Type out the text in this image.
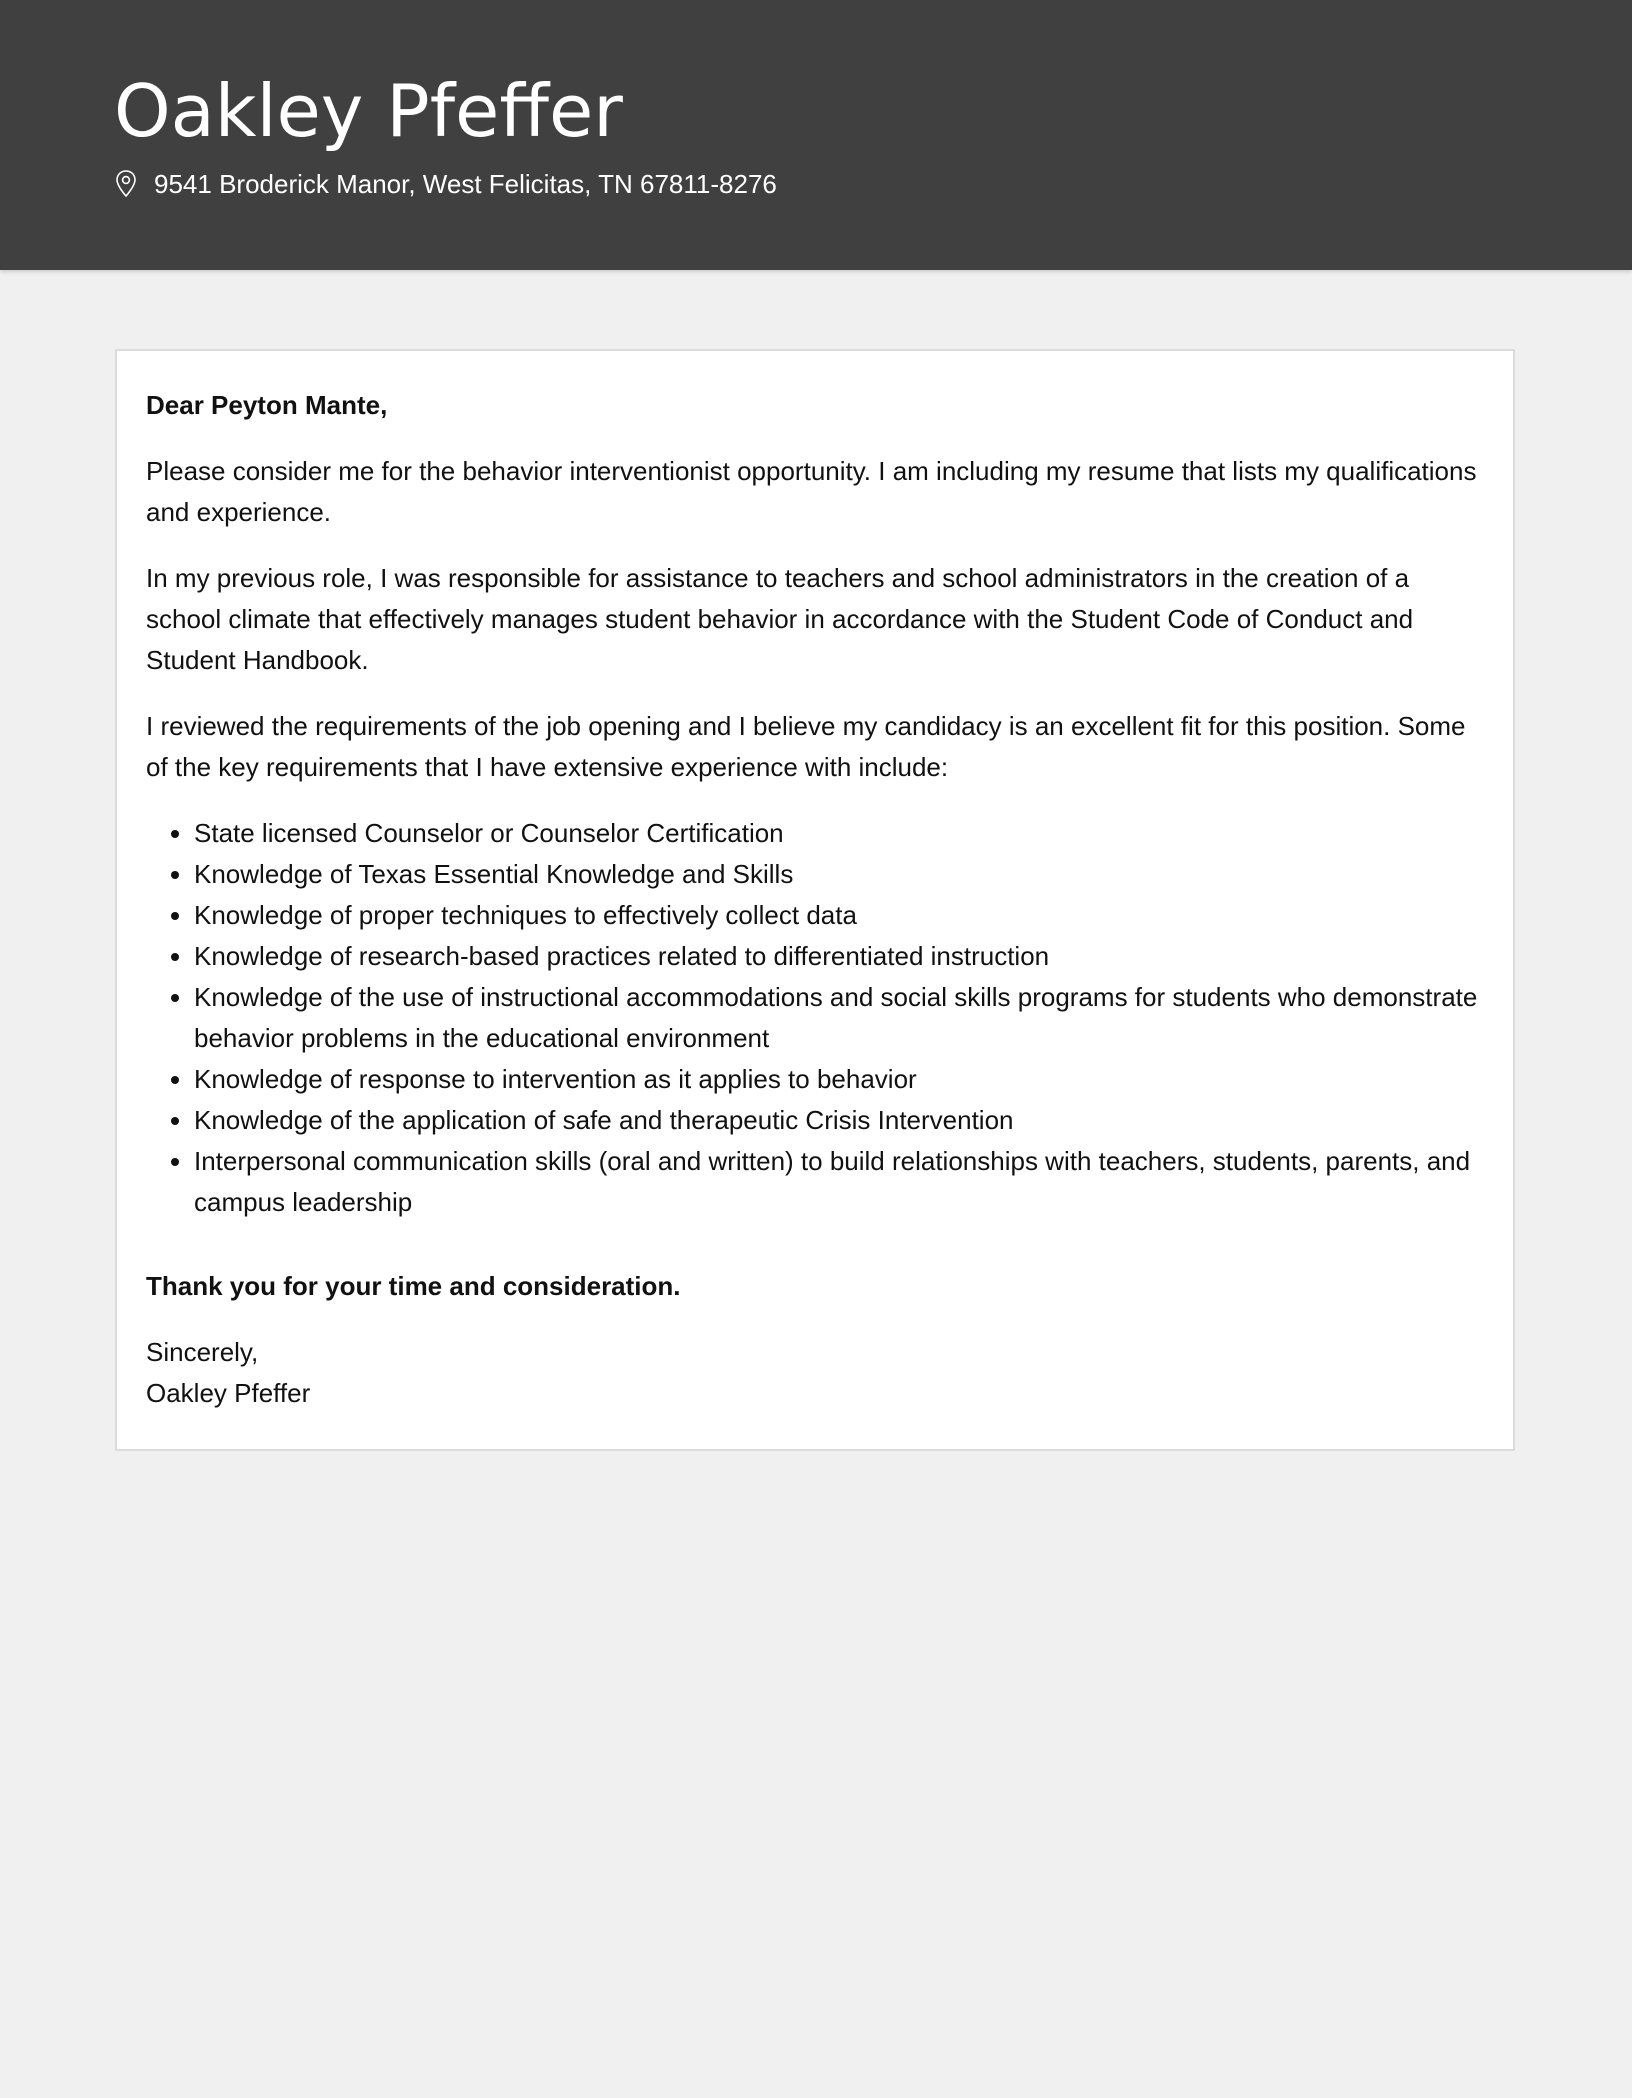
Oakley Pfeffer
9541 Broderick Manor, West Felicitas, TN 67811-8276

Dear Peyton Mante,

Please consider me for the behavior interventionist opportunity. I am including my resume that lists my qualifications and experience.

In my previous role, I was responsible for assistance to teachers and school administrators in the creation of a school climate that effectively manages student behavior in accordance with the Student Code of Conduct and Student Handbook.

I reviewed the requirements of the job opening and I believe my candidacy is an excellent fit for this position. Some of the key requirements that I have extensive experience with include:

• State licensed Counselor or Counselor Certification
• Knowledge of Texas Essential Knowledge and Skills
• Knowledge of proper techniques to effectively collect data
• Knowledge of research-based practices related to differentiated instruction
• Knowledge of the use of instructional accommodations and social skills programs for students who demonstrate behavior problems in the educational environment
• Knowledge of response to intervention as it applies to behavior
• Knowledge of the application of safe and therapeutic Crisis Intervention
• Interpersonal communication skills (oral and written) to build relationships with teachers, students, parents, and campus leadership

Thank you for your time and consideration.

Sincerely,

Oakley Pfeffer
